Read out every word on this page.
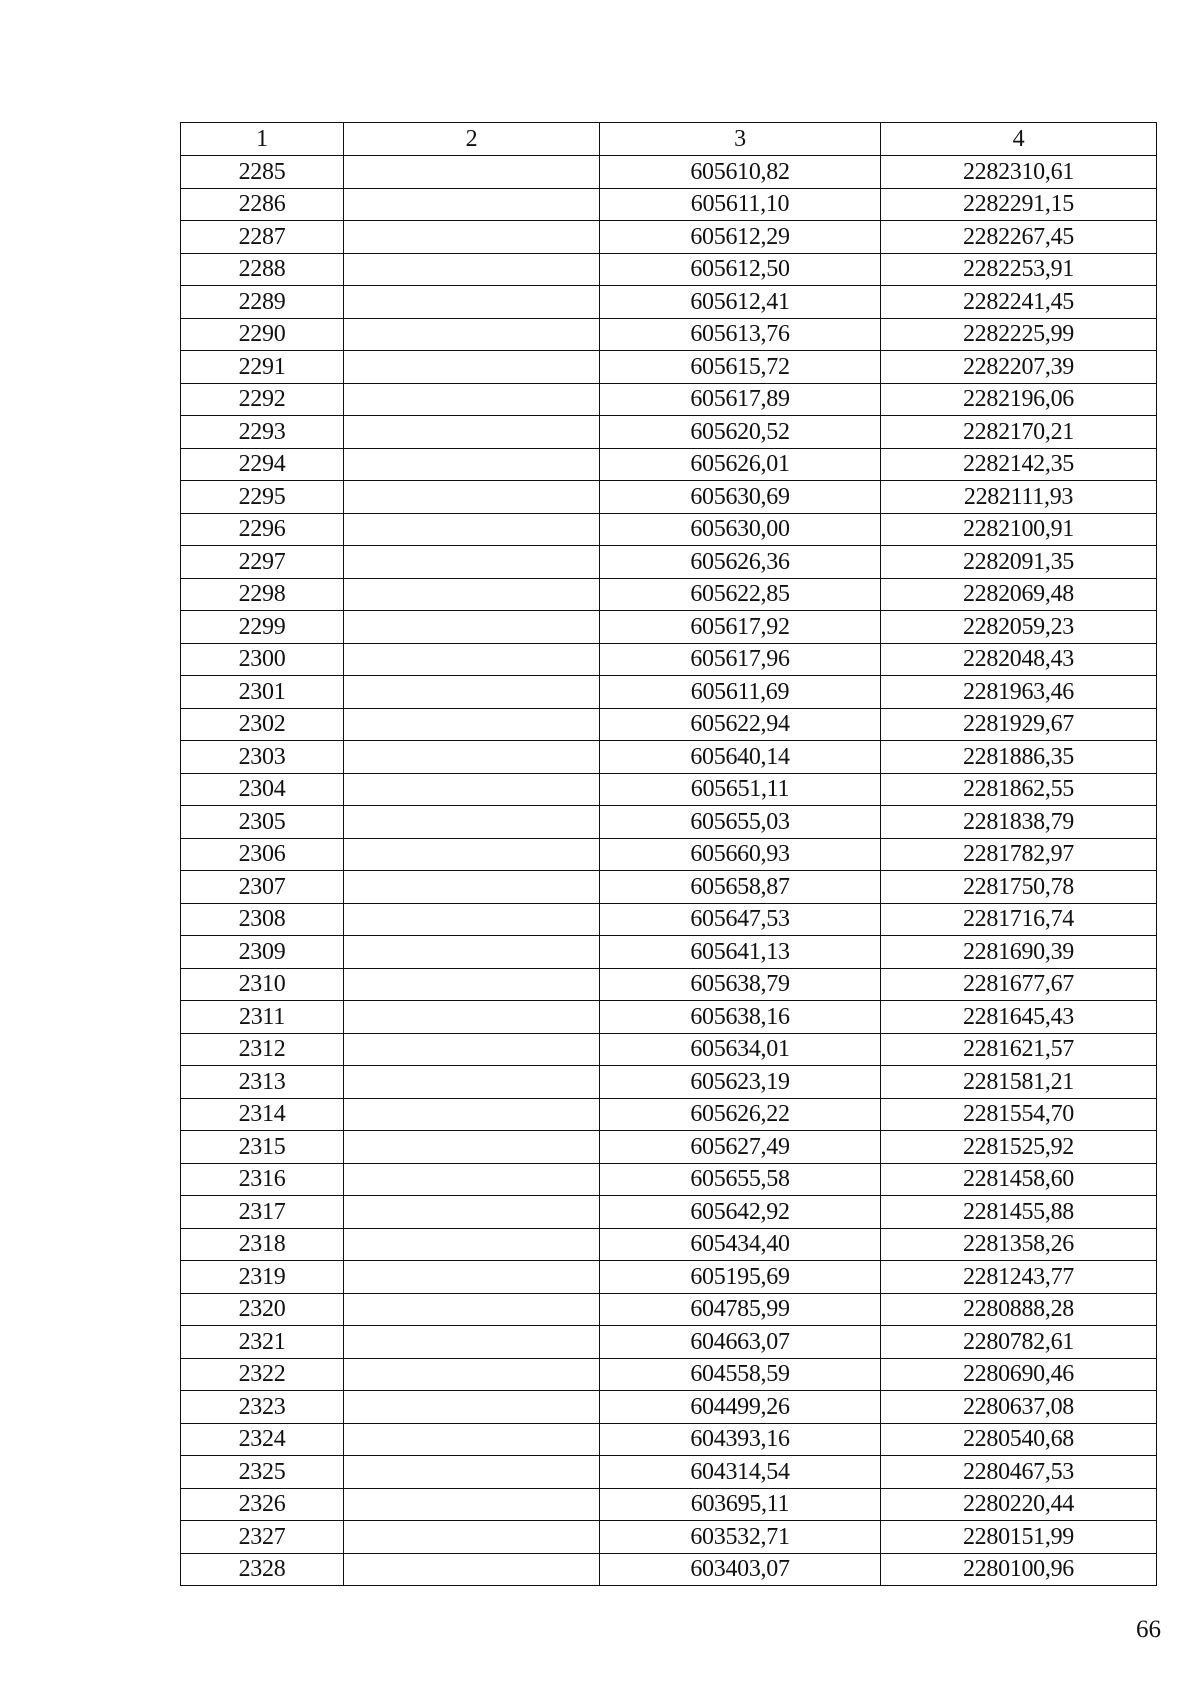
1	2	3	4
2285		605610,82	2282310,61
2286		605611,10	2282291,15
2287		605612,29	2282267,45
2288		605612,50	2282253,91
2289		605612,41	2282241,45
2290		605613,76	2282225,99
2291		605615,72	2282207,39
2292		605617,89	2282196,06
2293		605620,52	2282170,21
2294		605626,01	2282142,35
2295		605630,69	2282111,93
2296		605630,00	2282100,91
2297		605626,36	2282091,35
2298		605622,85	2282069,48
2299		605617,92	2282059,23
2300		605617,96	2282048,43
2301		605611,69	2281963,46
2302		605622,94	2281929,67
2303		605640,14	2281886,35
2304		605651,11	2281862,55
2305		605655,03	2281838,79
2306		605660,93	2281782,97
2307		605658,87	2281750,78
2308		605647,53	2281716,74
2309		605641,13	2281690,39
2310		605638,79	2281677,67
2311		605638,16	2281645,43
2312		605634,01	2281621,57
2313		605623,19	2281581,21
2314		605626,22	2281554,70
2315		605627,49	2281525,92
2316		605655,58	2281458,60
2317		605642,92	2281455,88
2318		605434,40	2281358,26
2319		605195,69	2281243,77
2320		604785,99	2280888,28
2321		604663,07	2280782,61
2322		604558,59	2280690,46
2323		604499,26	2280637,08
2324		604393,16	2280540,68
2325		604314,54	2280467,53
2326		603695,11	2280220,44
2327		603532,71	2280151,99
2328		603403,07	2280100,96
66
